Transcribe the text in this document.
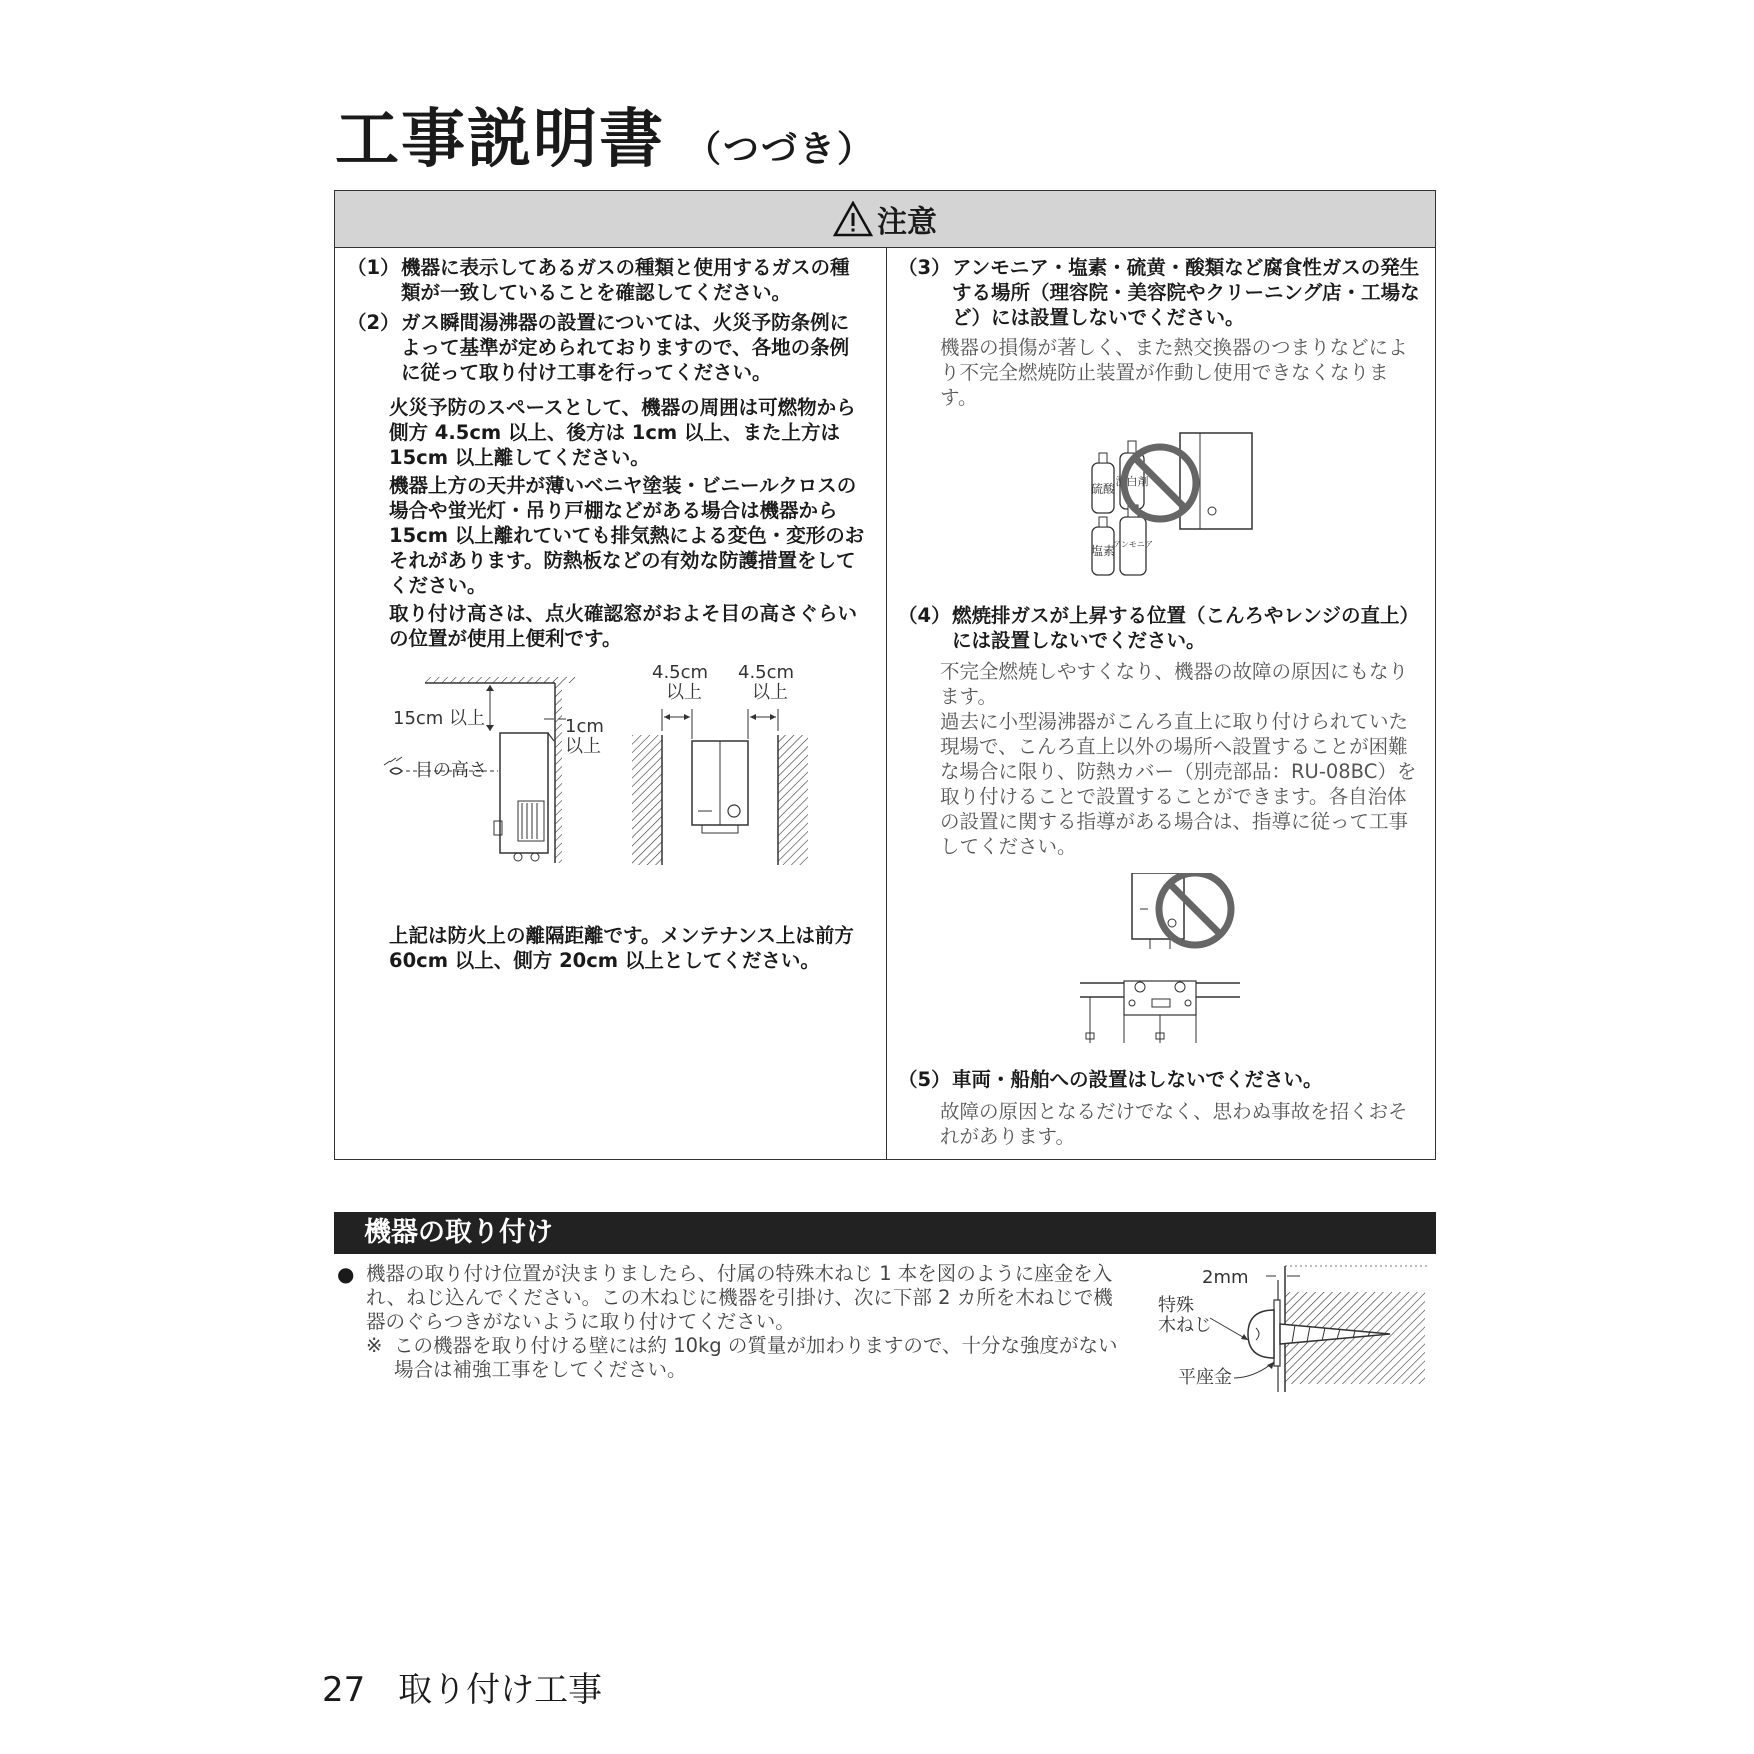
工事説明書 （つづき）
注意
（1） 機器に表示してあるガスの種類と使用するガスの種類が一致していることを確認してください。
（2） ガス瞬間湯沸器の設置については、火災予防条例によって基準が定められておりますので、各地の条例に従って取り付け工事を行ってください。
火災予防のスペースとして、機器の周囲は可燃物から側方 4.5cm 以上、後方は 1cm 以上、また上方は 15cm 以上離してください。
機器上方の天井が薄いベニヤ塗装・ビニールクロスの場合や蛍光灯・吊り戸棚などがある場合は機器から 15cm 以上離れていても排気熱による変色・変形のおそれがあります。防熱板などの有効な防護措置をしてください。
取り付け高さは、点火確認窓がおよそ目の高さぐらいの位置が使用上便利です。
15cm 以上	1cm
以上
目の高さ
4.5cm
以上
4.5cm
以上
上記は防火上の離隔距離です。メンテナンス上は前方 60cm 以上、側方 20cm 以上としてください。
（3） アンモニア・塩素・硫黄・酸類など腐食性ガスの発生する場所（理容院・美容院やクリーニング店・工場など）には設置しないでください。
機器の損傷が著しく、また熱交換器のつまりなどにより不完全燃焼防止装置が作動し使用できなくなります。
硫酸
漂白剤
塩素
アンモニア
（4） 燃焼排ガスが上昇する位置（こんろやレンジの直上）には設置しないでください。
不完全燃焼しやすくなり、機器の故障の原因にもなります。
過去に小型湯沸器がこんろ直上に取り付けられていた現場で、こんろ直上以外の場所へ設置することが困難な場合に限り、防熱カバー（別売部品：RU-08BC）を取り付けることで設置することができます。各自治体の設置に関する指導がある場合は、指導に従って工事してください。
（5） 車両・船舶への設置はしないでください。
故障の原因となるだけでなく、思わぬ事故を招くおそれがあります。
機器の取り付け
● 機器の取り付け位置が決まりましたら、付属の特殊木ねじ 1 本を図のように座金を入れ、ねじ込んでください。この木ねじに機器を引掛け、次に下部 2 カ所を木ねじで機器のぐらつきがないように取り付けてください。
※ この機器を取り付ける壁には約 10kg の質量が加わりますので、十分な強度がない場合は補強工事をしてください。
2mm
特殊
木ねじ
平座金
27 取り付け工事
